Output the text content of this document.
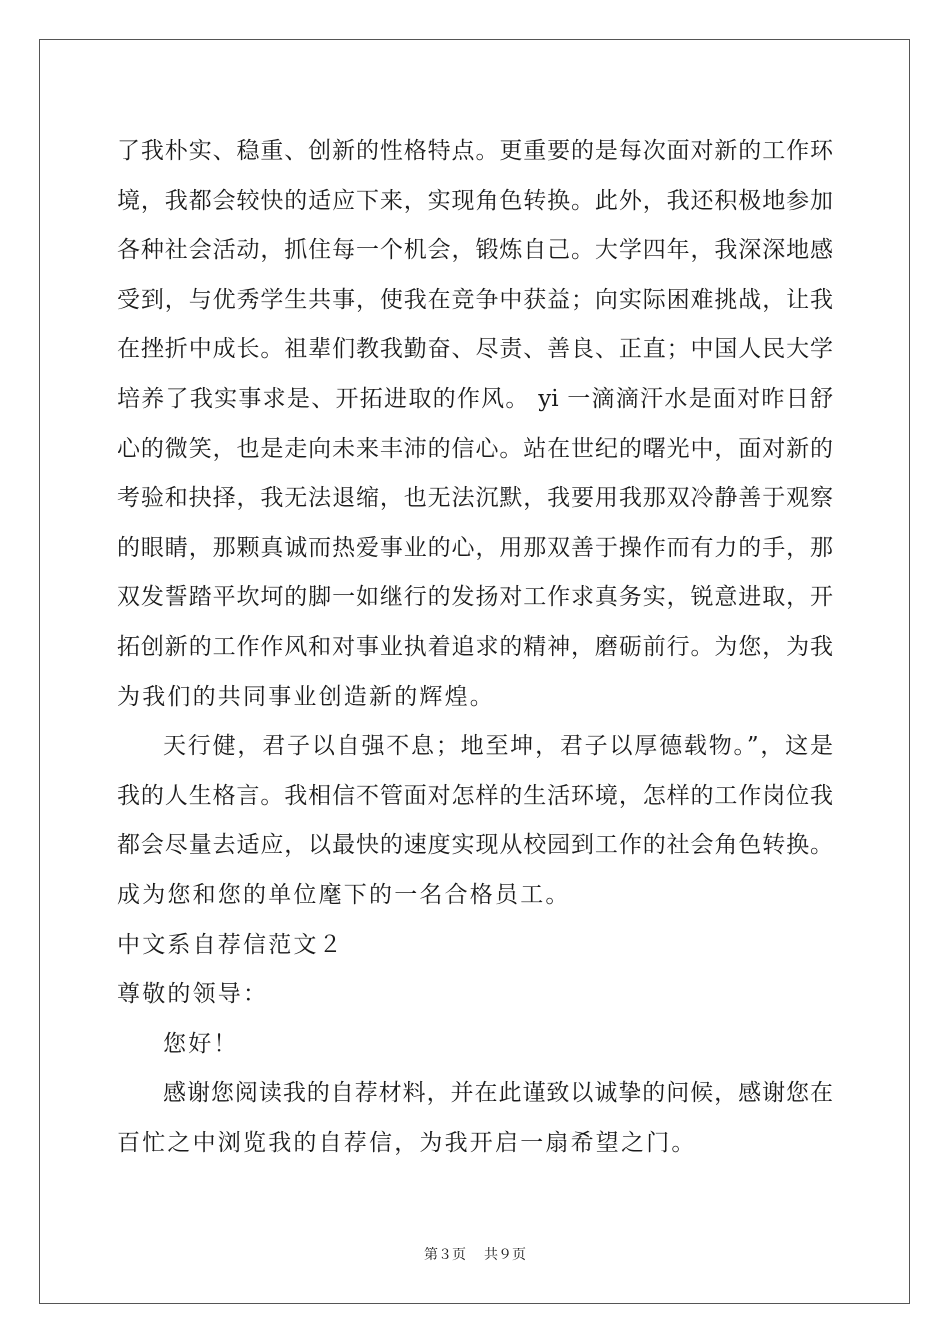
了我朴实、稳重、创新的性格特点。更重要的是每次面对新的工作环

境，我都会较快的适应下来，实现角色转换。此外，我还积极地参加

各种社会活动，抓住每一个机会，锻炼自己。大学四年，我深深地感

受到，与优秀学生共事，使我在竞争中获益；向实际困难挑战，让我

在挫折中成长。祖辈们教我勤奋、尽责、善良、正直；中国人民大学

培养了我实事求是、开拓进取的作风。 yi 一滴滴汗水是面对昨日舒

心的微笑，也是走向未来丰沛的信心。站在世纪的曙光中，面对新的

考验和抉择，我无法退缩，也无法沉默，我要用我那双冷静善于观察

的眼睛，那颗真诚而热爱事业的心，用那双善于操作而有力的手，那

双发誓踏平坎坷的脚一如继行的发扬对工作求真务实，锐意进取，开

拓创新的工作作风和对事业执着追求的精神，磨砺前行。为您，为我

为我们的共同事业创造新的辉煌。

天行健，君子以自强不息；地至坤，君子以厚德载物。”，这是

我的人生格言。我相信不管面对怎样的生活环境，怎样的工作岗位我

都会尽量去适应，以最快的速度实现从校园到工作的社会角色转换。

成为您和您的单位麾下的一名合格员工。

中文系自荐信范文２

尊敬的领导：

您好！

感谢您阅读我的自荐材料，并在此谨致以诚挚的问候，感谢您在

百忙之中浏览我的自荐信，为我开启一扇希望之门。

第３页 共９页
